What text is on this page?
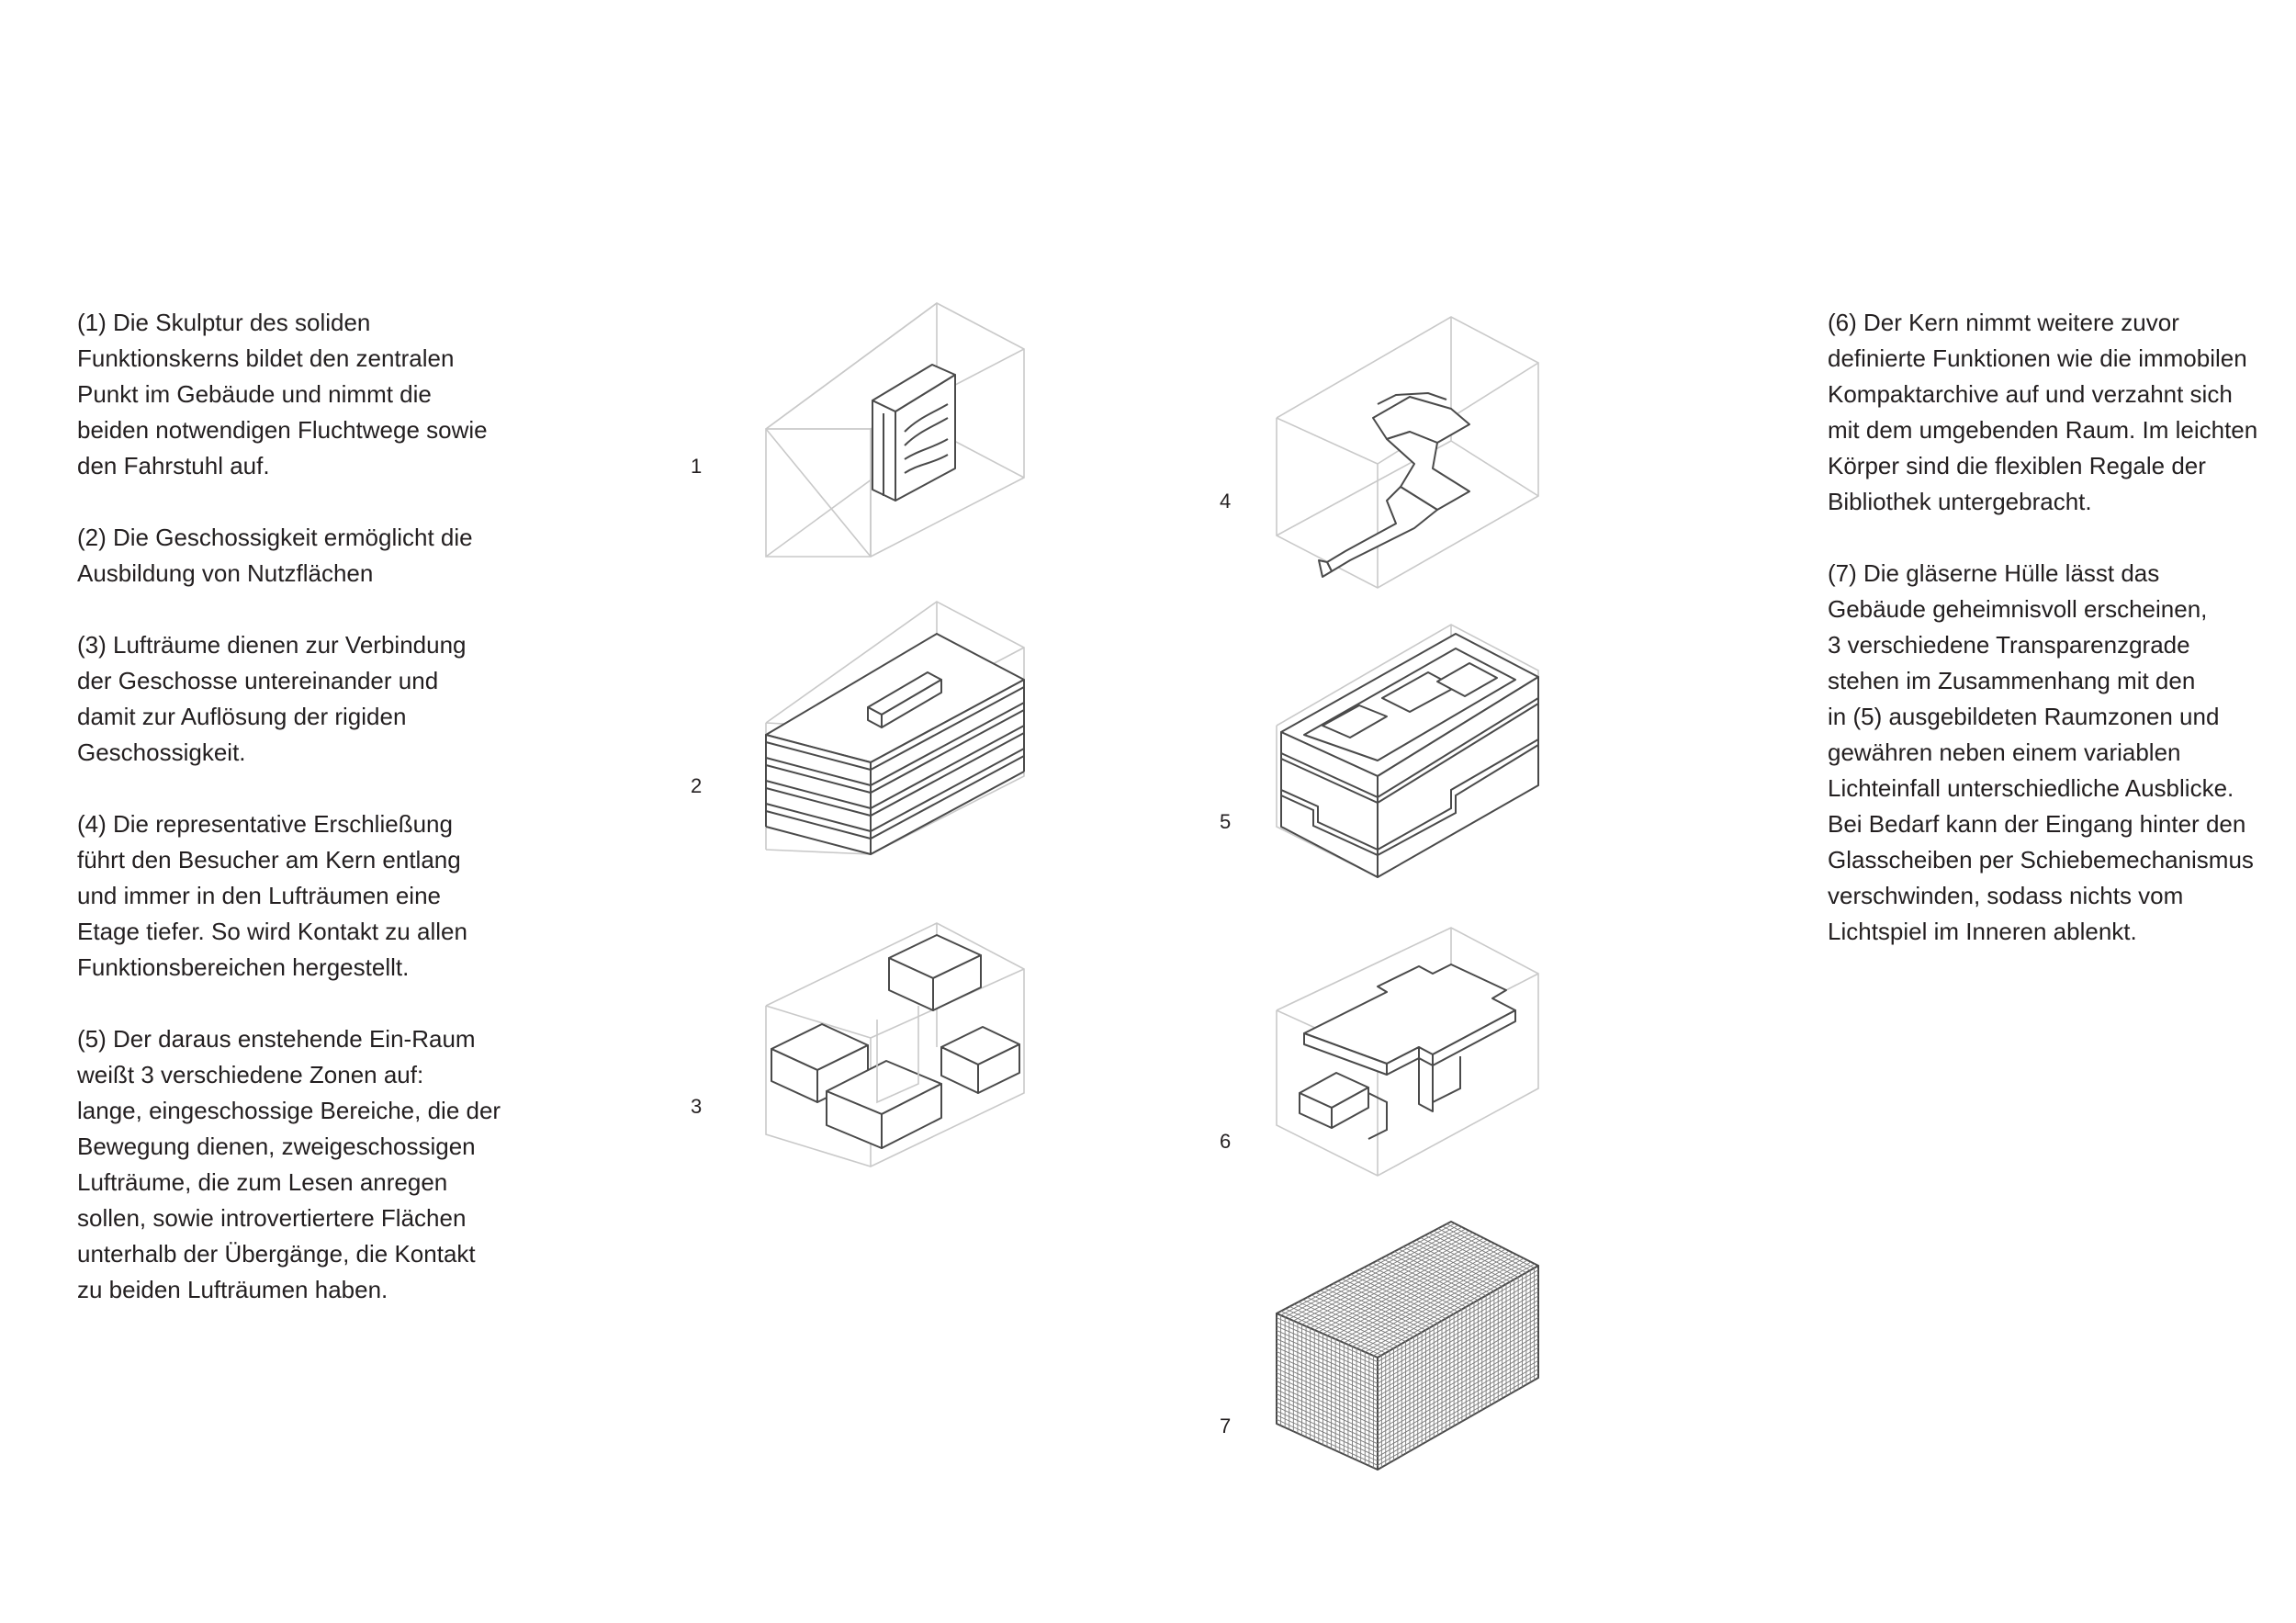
(1) Die Skulptur des soliden
Funktionskerns bildet den zentralen
Punkt im Gebäude und nimmt die
beiden notwendigen Fluchtwege sowie
den Fahrstuhl auf.

(2) Die Geschossigkeit ermöglicht die
Ausbildung von Nutzflächen

(3) Lufträume dienen zur Verbindung
der Geschosse untereinander und
damit zur Auflösung der rigiden
Geschossigkeit.

(4) Die representative Erschließung
führt den Besucher am Kern entlang
und immer in den Lufträumen eine
Etage tiefer. So wird Kontakt zu allen
Funktionsbereichen hergestellt.

(5) Der daraus enstehende Ein-Raum
weißt 3 verschiedene Zonen auf:
lange, eingeschossige Bereiche, die der
Bewegung dienen, zweigeschossigen
Lufträume, die zum Lesen anregen
sollen, sowie introvertiertere Flächen
unterhalb der Übergänge, die Kontakt
zu beiden Lufträumen haben.

(6) Der Kern nimmt weitere zuvor
definierte Funktionen wie die immobilen
Kompaktarchive auf und verzahnt sich
mit dem umgebenden Raum. Im leichten
Körper sind die flexiblen Regale der
Bibliothek untergebracht.

(7) Die gläserne Hülle lässt das
Gebäude geheimnisvoll erscheinen,
3 verschiedene Transparenzgrade
stehen im Zusammenhang mit den
in (5) ausgebildeten Raumzonen und
gewähren neben einem variablen
Lichteinfall unterschiedliche Ausblicke.
Bei Bedarf kann der Eingang hinter den
Glasscheiben per Schiebemechanismus
verschwinden, sodass nichts vom
Lichtspiel im Inneren ablenkt.

1
2
3
4
5
6
7
